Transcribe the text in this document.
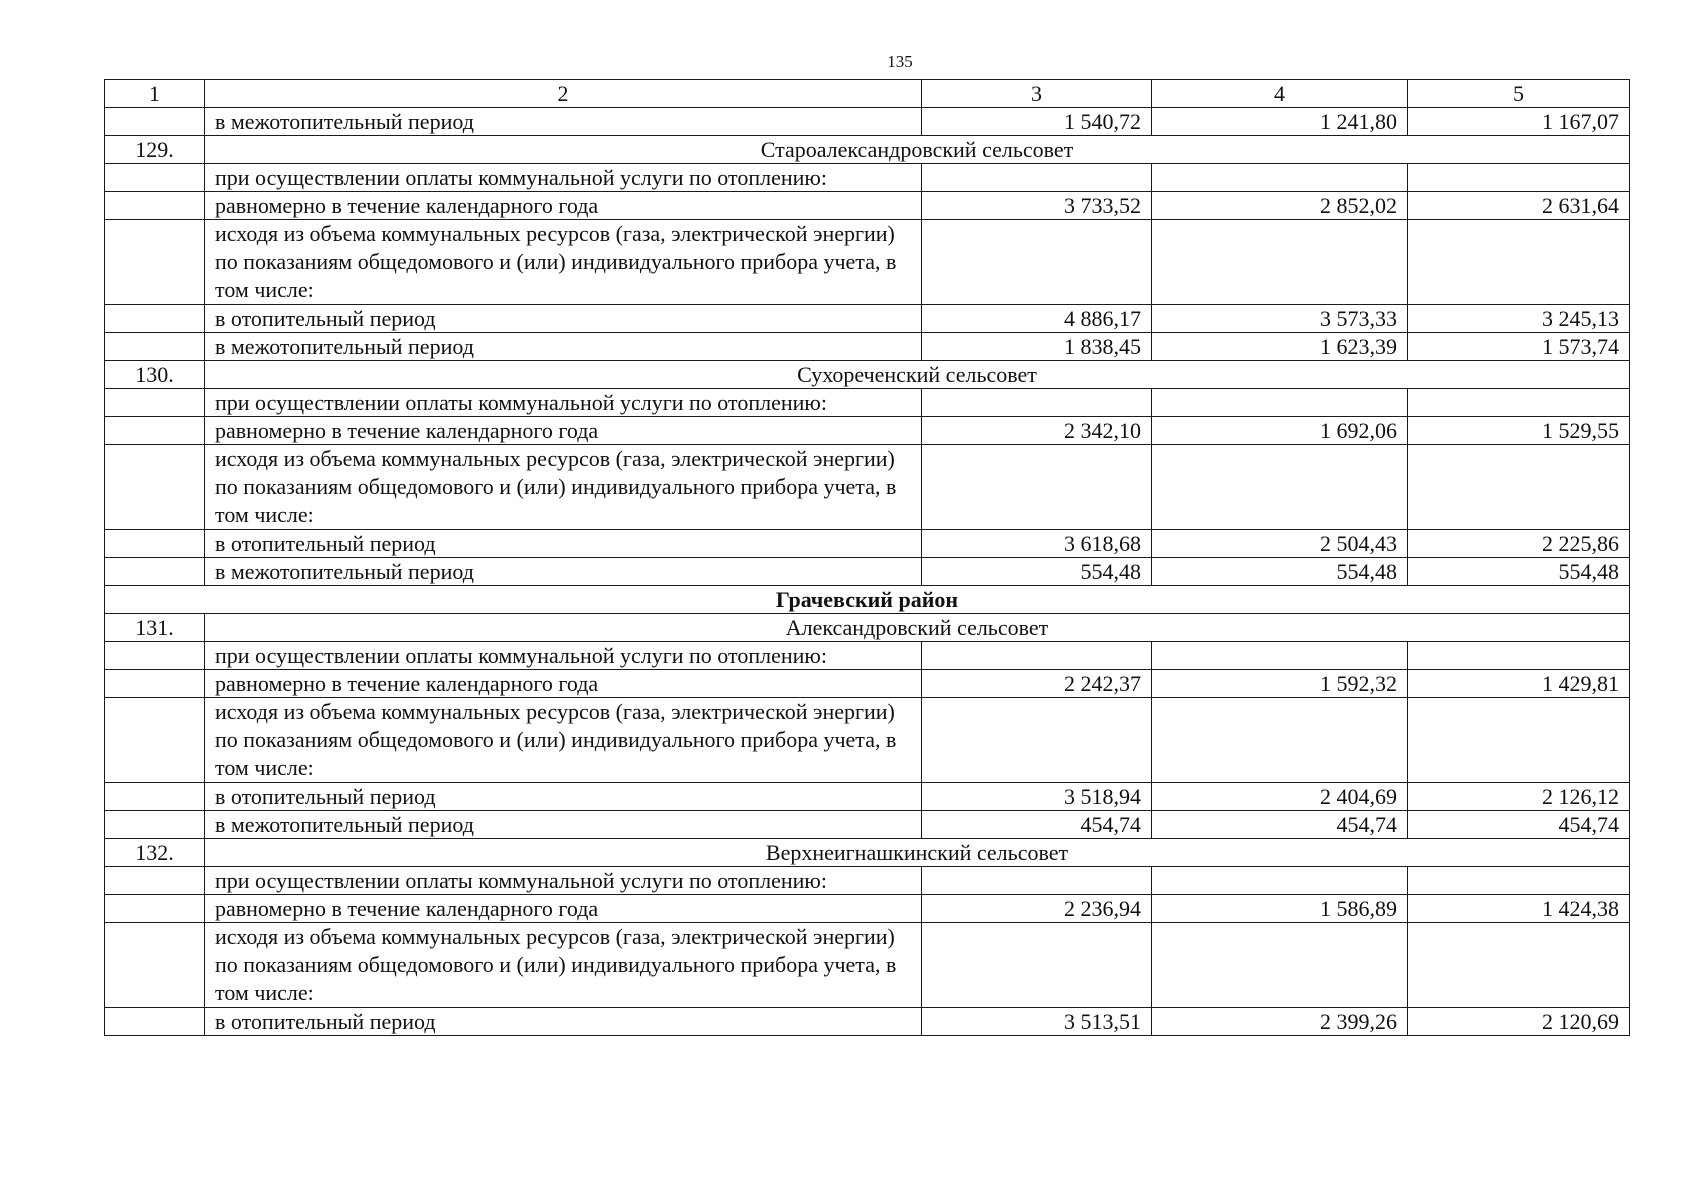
135
1	2	3	4	5
	в межотопительный период	1 540,72	1 241,80	1 167,07
129.	Староалександровский сельсовет			
	при осуществлении оплаты коммунальной услуги по отоплению:			
	равномерно в течение календарного года	3 733,52	2 852,02	2 631,64
	исходя из объема коммунальных ресурсов (газа, электрической энергии) по показаниям общедомового и (или) индивидуального прибора учета, в том числе:			
	в отопительный период	4 886,17	3 573,33	3 245,13
	в межотопительный период	1 838,45	1 623,39	1 573,74
130.	Сухореченский сельсовет			
	при осуществлении оплаты коммунальной услуги по отоплению:			
	равномерно в течение календарного года	2 342,10	1 692,06	1 529,55
	исходя из объема коммунальных ресурсов (газа, электрической энергии) по показаниям общедомового и (или) индивидуального прибора учета, в том числе:			
	в отопительный период	3 618,68	2 504,43	2 225,86
	в межотопительный период	554,48	554,48	554,48
Грачевский район				
131.	Александровский сельсовет			
	при осуществлении оплаты коммунальной услуги по отоплению:			
	равномерно в течение календарного года	2 242,37	1 592,32	1 429,81
	исходя из объема коммунальных ресурсов (газа, электрической энергии) по показаниям общедомового и (или) индивидуального прибора учета, в том числе:			
	в отопительный период	3 518,94	2 404,69	2 126,12
	в межотопительный период	454,74	454,74	454,74
132.	Верхнеигнашкинский сельсовет			
	при осуществлении оплаты коммунальной услуги по отоплению:			
	равномерно в течение календарного года	2 236,94	1 586,89	1 424,38
	исходя из объема коммунальных ресурсов (газа, электрической энергии) по показаниям общедомового и (или) индивидуального прибора учета, в том числе:			
	в отопительный период	3 513,51	2 399,26	2 120,69
